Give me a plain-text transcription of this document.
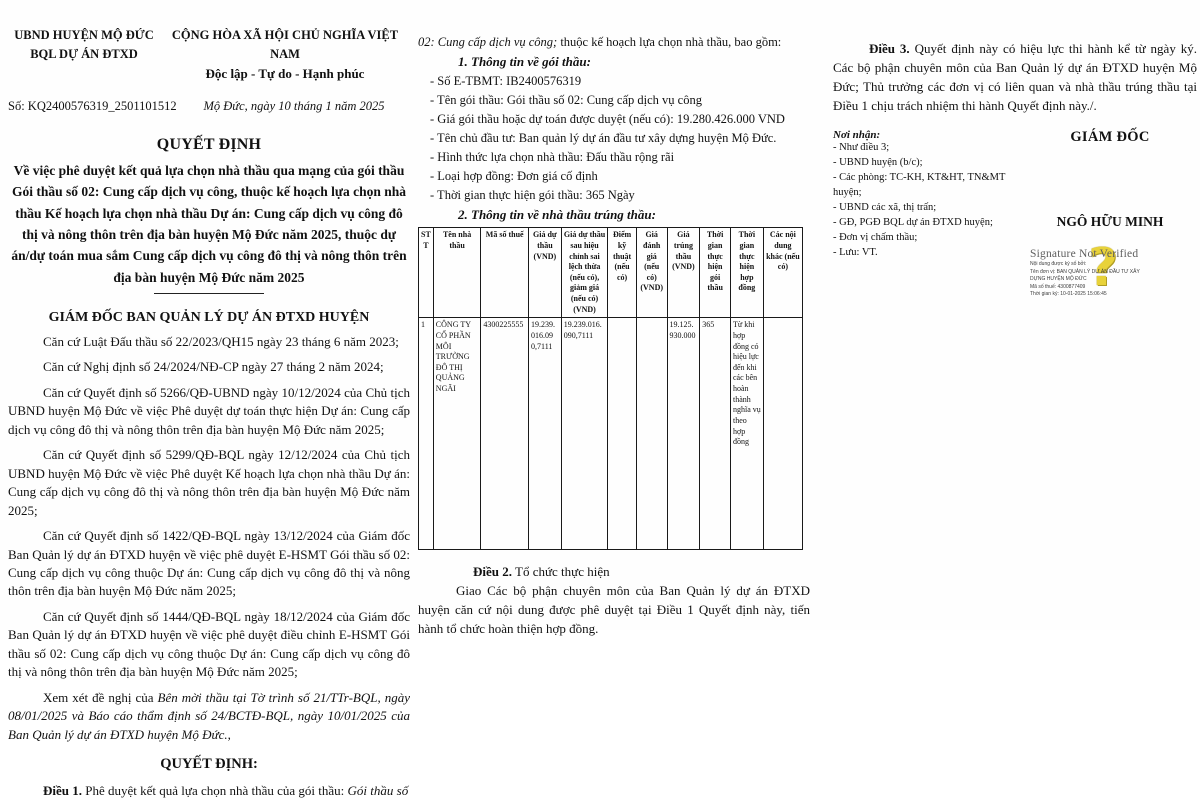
UBND HUYỆN MỘ ĐỨC
BQL DỰ ÁN ĐTXD
CỘNG HÒA XÃ HỘI CHỦ NGHĨA VIỆT NAM
Độc lập - Tự do - Hạnh phúc
Số: KQ2400576319_2501101512	Mộ Đức, ngày 10 tháng 1 năm 2025
QUYẾT ĐỊNH
Về việc phê duyệt kết quả lựa chọn nhà thầu qua mạng của gói thầu Gói thầu số 02: Cung cấp dịch vụ công, thuộc kế hoạch lựa chọn nhà thầu Kế hoạch lựa chọn nhà thầu Dự án: Cung cấp dịch vụ công đô thị và nông thôn trên địa bàn huyện Mộ Đức năm 2025, thuộc dự án/dự toán mua sắm Cung cấp dịch vụ công đô thị và nông thôn trên địa bàn huyện Mộ Đức năm 2025
GIÁM ĐỐC BAN QUẢN LÝ DỰ ÁN ĐTXD HUYỆN
Căn cứ Luật Đấu thầu số 22/2023/QH15 ngày 23 tháng 6 năm 2023;
Căn cứ Nghị định số 24/2024/NĐ-CP ngày 27 tháng 2 năm 2024;
Căn cứ Quyết định số 5266/QĐ-UBND ngày 10/12/2024 của Chủ tịch UBND huyện Mộ Đức về việc Phê duyệt dự toán thực hiện Dự án: Cung cấp dịch vụ công đô thị và nông thôn trên địa bàn huyện Mộ Đức năm 2025;
Căn cứ Quyết định số 5299/QĐ-BQL ngày 12/12/2024 của Chủ tịch UBND huyện Mộ Đức về việc Phê duyệt Kế hoạch lựa chọn nhà thầu Dự án: Cung cấp dịch vụ công đô thị và nông thôn trên địa bàn huyện Mộ Đức năm 2025;
Căn cứ Quyết định số 1422/QĐ-BQL ngày 13/12/2024 của Giám đốc Ban Quản lý dự án ĐTXD huyện về việc phê duyệt E-HSMT Gói thầu số 02: Cung cấp dịch vụ công thuộc Dự án: Cung cấp dịch vụ công đô thị và nông thôn trên địa bàn huyện Mộ Đức năm 2025;
Căn cứ Quyết định số 1444/QĐ-BQL ngày 18/12/2024 của Giám đốc Ban Quản lý dự án ĐTXD huyện về việc phê duyệt điều chỉnh E-HSMT Gói thầu số 02: Cung cấp dịch vụ công thuộc Dự án: Cung cấp dịch vụ công đô thị và nông thôn trên địa bàn huyện Mộ Đức năm 2025;
Xem xét đề nghị của Bên mời thầu tại Tờ trình số 21/TTr-BQL, ngày 08/01/2025 và Báo cáo thẩm định số 24/BCTĐ-BQL, ngày 10/01/2025 của Ban Quản lý dự án ĐTXD huyện Mộ Đức.,
QUYẾT ĐỊNH:
Điều 1. Phê duyệt kết quả lựa chọn nhà thầu của gói thầu: Gói thầu số
02: Cung cấp dịch vụ công; thuộc kế hoạch lựa chọn nhà thầu, bao gồm:
1. Thông tin về gói thầu:
- Số E-TBMT: IB2400576319
- Tên gói thầu: Gói thầu số 02: Cung cấp dịch vụ công
- Giá gói thầu hoặc dự toán được duyệt (nếu có): 19.280.426.000 VND
- Tên chủ đầu tư: Ban quản lý dự án đầu tư xây dựng huyện Mộ Đức.
- Hình thức lựa chọn nhà thầu: Đấu thầu rộng rãi
- Loại hợp đồng: Đơn giá cố định
- Thời gian thực hiện gói thầu: 365 Ngày
2. Thông tin về nhà thầu trúng thầu:
STT	Tên nhà thầu	Mã số thuế	Giá dự thầu (VND)	Giá dự thầu sau hiệu chỉnh sai lệch thừa (nếu có), giảm giá (nếu có) (VND)	Điểm kỹ thuật (nếu có)	Giá đánh giá (nếu có) (VND)	Giá trúng thầu (VND)	Thời gian thực hiện gói thầu	Thời gian thực hiện hợp đồng	Các nội dung khác (nếu có)
1	CÔNG TY CỔ PHẦN MÔI TRƯỜNG ĐÔ THỊ QUẢNG NGÃI	4300225555	19.239.016.090,7111	19.239.016.090,7111			19.125.930.000	365	Từ khi hợp đồng có hiệu lực đến khi các bên hoàn thành nghĩa vụ theo hợp đồng	
Điều 2. Tổ chức thực hiện
Giao Các bộ phận chuyên môn của Ban Quản lý dự án ĐTXD huyện căn cứ nội dung được phê duyệt tại Điều 1 Quyết định này, tiến hành tổ chức hoàn thiện hợp đồng.
Điều 3. Quyết định này có hiệu lực thi hành kể từ ngày ký. Các bộ phận chuyên môn của Ban Quản lý dự án ĐTXD huyện Mộ Đức; Thủ trưởng các đơn vị có liên quan và nhà thầu trúng thầu tại Điều 1 chịu trách nhiệm thi hành Quyết định này./.
Nơi nhận:
- Như điều 3;
- UBND huyện (b/c);
- Các phòng: TC-KH, KT&HT, TN&MT huyện;
- UBND các xã, thị trấn;
- GĐ, PGĐ BQL dự án ĐTXD huyện;
- Đơn vị chấm thầu;
- Lưu: VT.
GIÁM ĐỐC
NGÔ HỮU MINH
?
Signature Not Verified
Nội dung được ký số bởi:
Tên đơn vị: BAN QUẢN LÝ DỰ ÁN ĐẦU TƯ XÂY DỰNG HUYỆN MỘ ĐỨC
Mã số thuế: 4300877409
Thời gian ký: 10-01-2025 15:06:45
